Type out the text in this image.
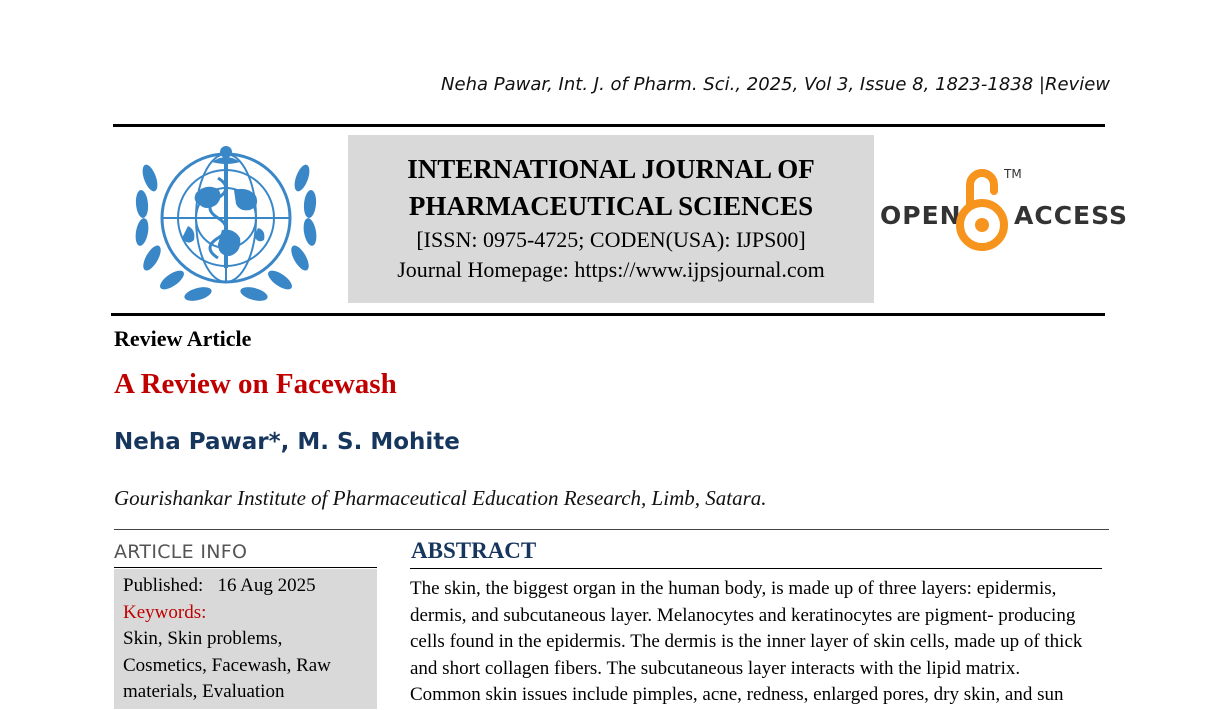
Neha Pawar, Int. J. of Pharm. Sci., 2025, Vol 3, Issue 8, 1823-1838 |Review
INTERNATIONAL JOURNAL OF
PHARMACEUTICAL SCIENCES
[ISSN: 0975-4725; CODEN(USA): IJPS00]
Journal Homepage: https://www.ijpsjournal.com
OPEN
TM
ACCESS
Review Article
A Review on Facewash
Neha Pawar*, M. S. Mohite
Gourishankar Institute of Pharmaceutical Education Research, Limb, Satara.
ARTICLE INFO
Published: 16 Aug 2025
Keywords:
Skin, Skin problems,
Cosmetics, Facewash, Raw
materials, Evaluation
ABSTRACT

The skin, the biggest organ in the human body, is made up of three layers: epidermis,

dermis, and subcutaneous layer. Melanocytes and keratinocytes are pigment- producing

cells found in the epidermis. The dermis is the inner layer of skin cells, made up of thick

and short collagen fibers. The subcutaneous layer interacts with the lipid matrix.

Common skin issues include pimples, acne, redness, enlarged pores, dry skin, and sun
